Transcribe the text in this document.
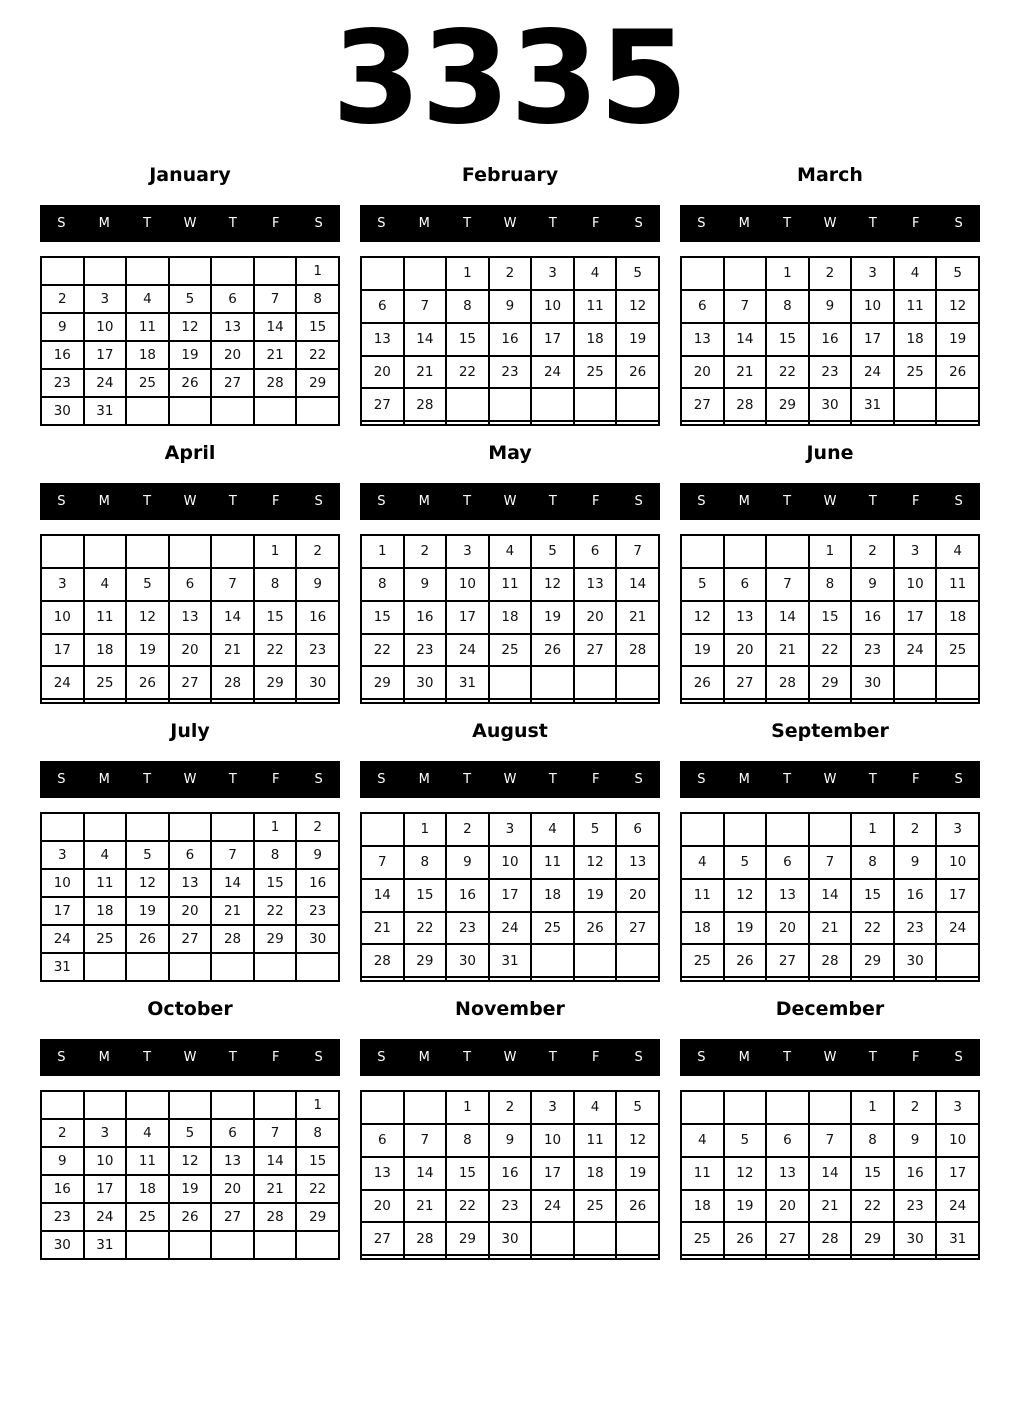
3335
January
S	M	T	W	T	F	S
						1
2	3	4	5	6	7	8
9	10	11	12	13	14	15
16	17	18	19	20	21	22
23	24	25	26	27	28	29
30	31					
February
S	M	T	W	T	F	S
		1	2	3	4	5
6	7	8	9	10	11	12
13	14	15	16	17	18	19
20	21	22	23	24	25	26
27	28					

March
S	M	T	W	T	F	S
		1	2	3	4	5
6	7	8	9	10	11	12
13	14	15	16	17	18	19
20	21	22	23	24	25	26
27	28	29	30	31		

April
S	M	T	W	T	F	S
					1	2
3	4	5	6	7	8	9
10	11	12	13	14	15	16
17	18	19	20	21	22	23
24	25	26	27	28	29	30

May
S	M	T	W	T	F	S
1	2	3	4	5	6	7
8	9	10	11	12	13	14
15	16	17	18	19	20	21
22	23	24	25	26	27	28
29	30	31				

June
S	M	T	W	T	F	S
			1	2	3	4
5	6	7	8	9	10	11
12	13	14	15	16	17	18
19	20	21	22	23	24	25
26	27	28	29	30		

July
S	M	T	W	T	F	S
					1	2
3	4	5	6	7	8	9
10	11	12	13	14	15	16
17	18	19	20	21	22	23
24	25	26	27	28	29	30
31						
August
S	M	T	W	T	F	S
	1	2	3	4	5	6
7	8	9	10	11	12	13
14	15	16	17	18	19	20
21	22	23	24	25	26	27
28	29	30	31			

September
S	M	T	W	T	F	S
				1	2	3
4	5	6	7	8	9	10
11	12	13	14	15	16	17
18	19	20	21	22	23	24
25	26	27	28	29	30	

October
S	M	T	W	T	F	S
						1
2	3	4	5	6	7	8
9	10	11	12	13	14	15
16	17	18	19	20	21	22
23	24	25	26	27	28	29
30	31					
November
S	M	T	W	T	F	S
		1	2	3	4	5
6	7	8	9	10	11	12
13	14	15	16	17	18	19
20	21	22	23	24	25	26
27	28	29	30			

December
S	M	T	W	T	F	S
				1	2	3
4	5	6	7	8	9	10
11	12	13	14	15	16	17
18	19	20	21	22	23	24
25	26	27	28	29	30	31
